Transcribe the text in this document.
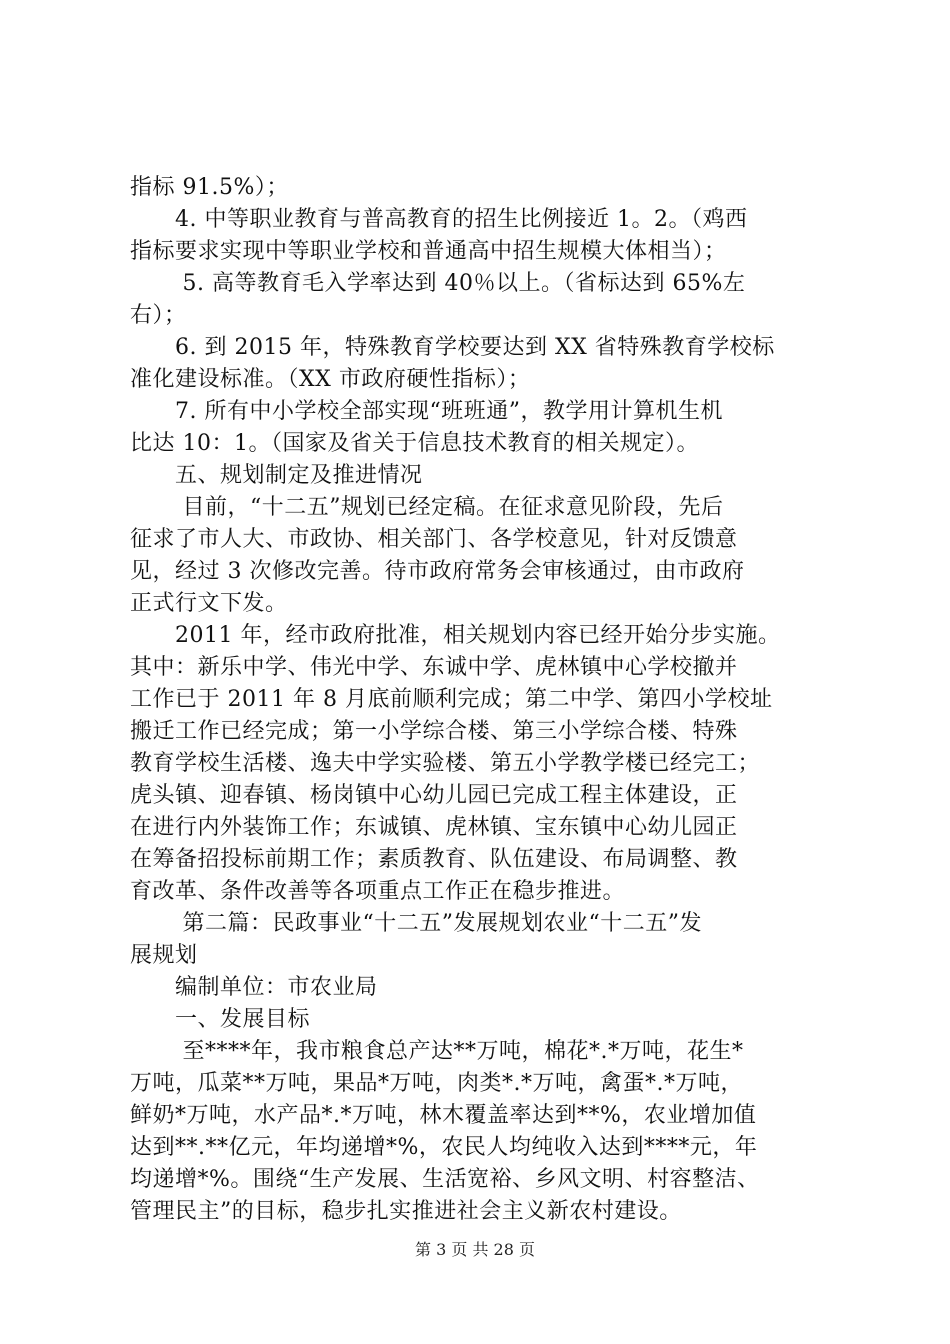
指标 91.5%）；
　　4. 中等职业教育与普高教育的招生比例接近 1。2。（鸡西
指标要求实现中等职业学校和普通高中招生规模大体相当）；
　　 5. 高等教育毛入学率达到 40％以上。（省标达到 65%左
右）；
　　6. 到 2015 年，特殊教育学校要达到 XX 省特殊教育学校标
准化建设标准。（XX 市政府硬性指标）；
　　7. 所有中小学校全部实现“班班通”，教学用计算机生机
比达 10：1。（国家及省关于信息技术教育的相关规定）。
　　五、规划制定及推进情况
　　 目前，“十二五”规划已经定稿。在征求意见阶段，先后
征求了市人大、市政协、相关部门、各学校意见，针对反馈意
见，经过 3 次修改完善。待市政府常务会审核通过，由市政府
正式行文下发。
　　2011 年，经市政府批准，相关规划内容已经开始分步实施。
其中：新乐中学、伟光中学、东诚中学、虎林镇中心学校撤并
工作已于 2011 年 8 月底前顺利完成；第二中学、第四小学校址
搬迁工作已经完成；第一小学综合楼、第三小学综合楼、特殊
教育学校生活楼、逸夫中学实验楼、第五小学教学楼已经完工；
虎头镇、迎春镇、杨岗镇中心幼儿园已完成工程主体建设，正
在进行内外装饰工作；东诚镇、虎林镇、宝东镇中心幼儿园正
在筹备招投标前期工作；素质教育、队伍建设、布局调整、教
育改革、条件改善等各项重点工作正在稳步推进。
　　 第二篇：民政事业“十二五”发展规划农业“十二五”发
展规划
　　编制单位：市农业局
　　一、发展目标
　　 至****年，我市粮食总产达**万吨，棉花*.*万吨，花生*
万吨，瓜菜**万吨，果品*万吨，肉类*.*万吨，禽蛋*.*万吨，
鲜奶*万吨，水产品*.*万吨，林木覆盖率达到**%，农业增加值
达到**.**亿元，年均递增*%，农民人均纯收入达到****元，年
均递增*%。围绕“生产发展、生活宽裕、乡风文明、村容整洁、
管理民主”的目标，稳步扎实推进社会主义新农村建设。
第 3 页 共 28 页
